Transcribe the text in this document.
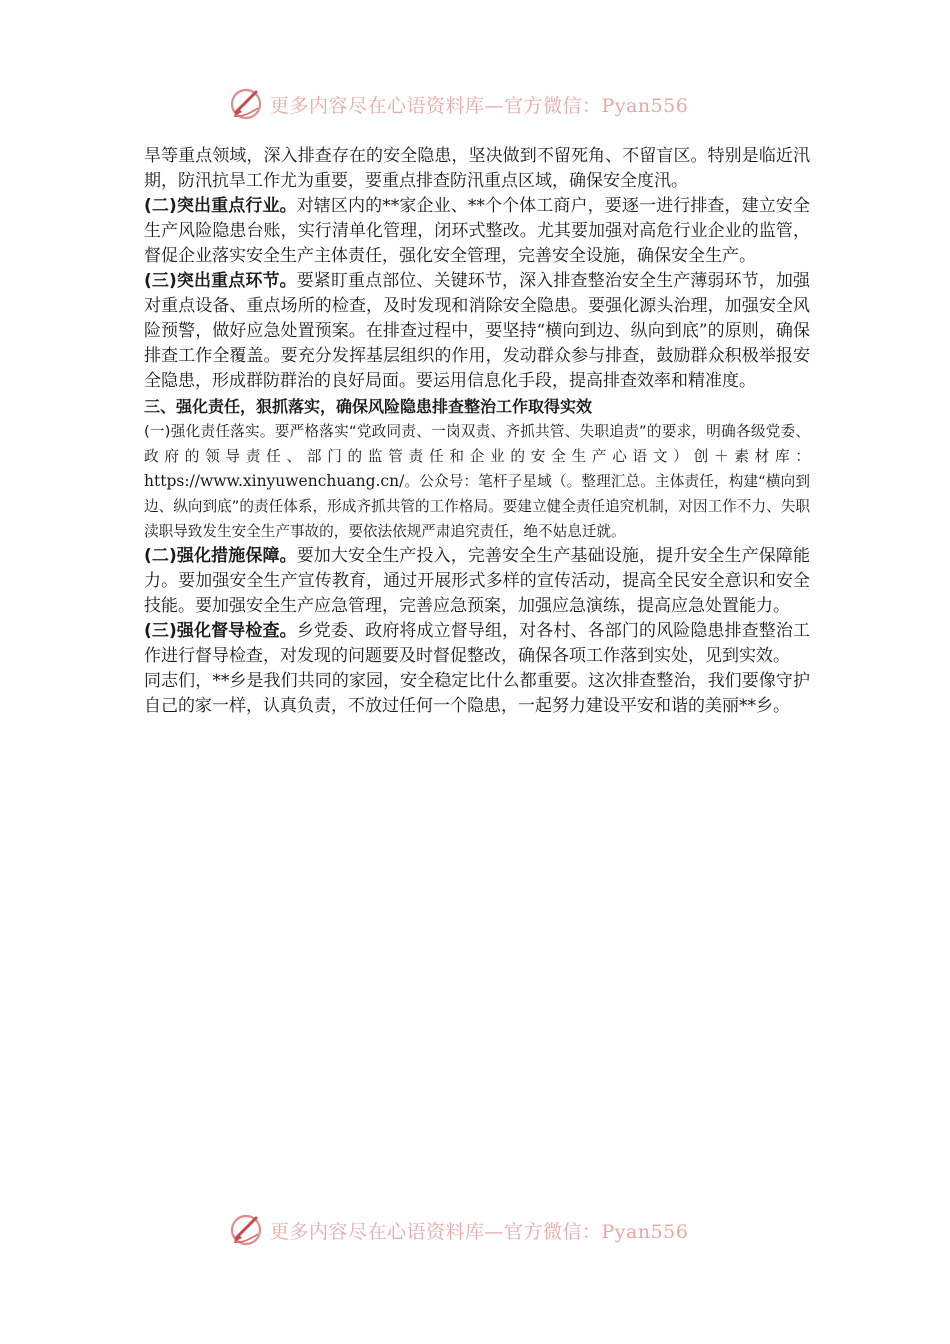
更多内容尽在心语资料库—官方微信：Pyan556

旱等重点领域，深入排查存在的安全隐患，坚决做到不留死角、不留盲区。特别是临近汛期，防汛抗旱工作尤为重要，要重点排查防汛重点区域，确保安全度汛。

(二)突出重点行业。对辖区内的**家企业、**个个体工商户，要逐一进行排查，建立安全生产风险隐患台账，实行清单化管理，闭环式整改。尤其要加强对高危行业企业的监管，督促企业落实安全生产主体责任，强化安全管理，完善安全设施，确保安全生产。

(三)突出重点环节。要紧盯重点部位、关键环节，深入排查整治安全生产薄弱环节，加强对重点设备、重点场所的检查，及时发现和消除安全隐患。要强化源头治理，加强安全风险预警，做好应急处置预案。在排查过程中，要坚持“横向到边、纵向到底”的原则，确保排查工作全覆盖。要充分发挥基层组织的作用，发动群众参与排查，鼓励群众积极举报安全隐患，形成群防群治的良好局面。要运用信息化手段，提高排查效率和精准度。

三、强化责任，狠抓落实，确保风险隐患排查整治工作取得实效

(一)强化责任落实。要严格落实“党政同责、一岗双责、齐抓共管、失职追责”的要求，明确各级党委、政府的领导责任、部门的监管责任和企业的安全生产心语文）创＋素材库：https://www.xinyuwenchuang.cn/。公众号：笔杆子星域（。整理汇总。主体责任，构建“横向到边、纵向到底”的责任体系，形成齐抓共管的工作格局。要建立健全责任追究机制，对因工作不力、失职渎职导致发生安全生产事故的，要依法依规严肃追究责任，绝不姑息迁就。

(二)强化措施保障。要加大安全生产投入，完善安全生产基础设施，提升安全生产保障能力。要加强安全生产宣传教育，通过开展形式多样的宣传活动，提高全民安全意识和安全技能。要加强安全生产应急管理，完善应急预案，加强应急演练，提高应急处置能力。

(三)强化督导检查。乡党委、政府将成立督导组，对各村、各部门的风险隐患排查整治工作进行督导检查，对发现的问题要及时督促整改，确保各项工作落到实处，见到实效。

同志们，**乡是我们共同的家园，安全稳定比什么都重要。这次排查整治，我们要像守护自己的家一样，认真负责，不放过任何一个隐患，一起努力建设平安和谐的美丽**乡。

更多内容尽在心语资料库—官方微信：Pyan556
